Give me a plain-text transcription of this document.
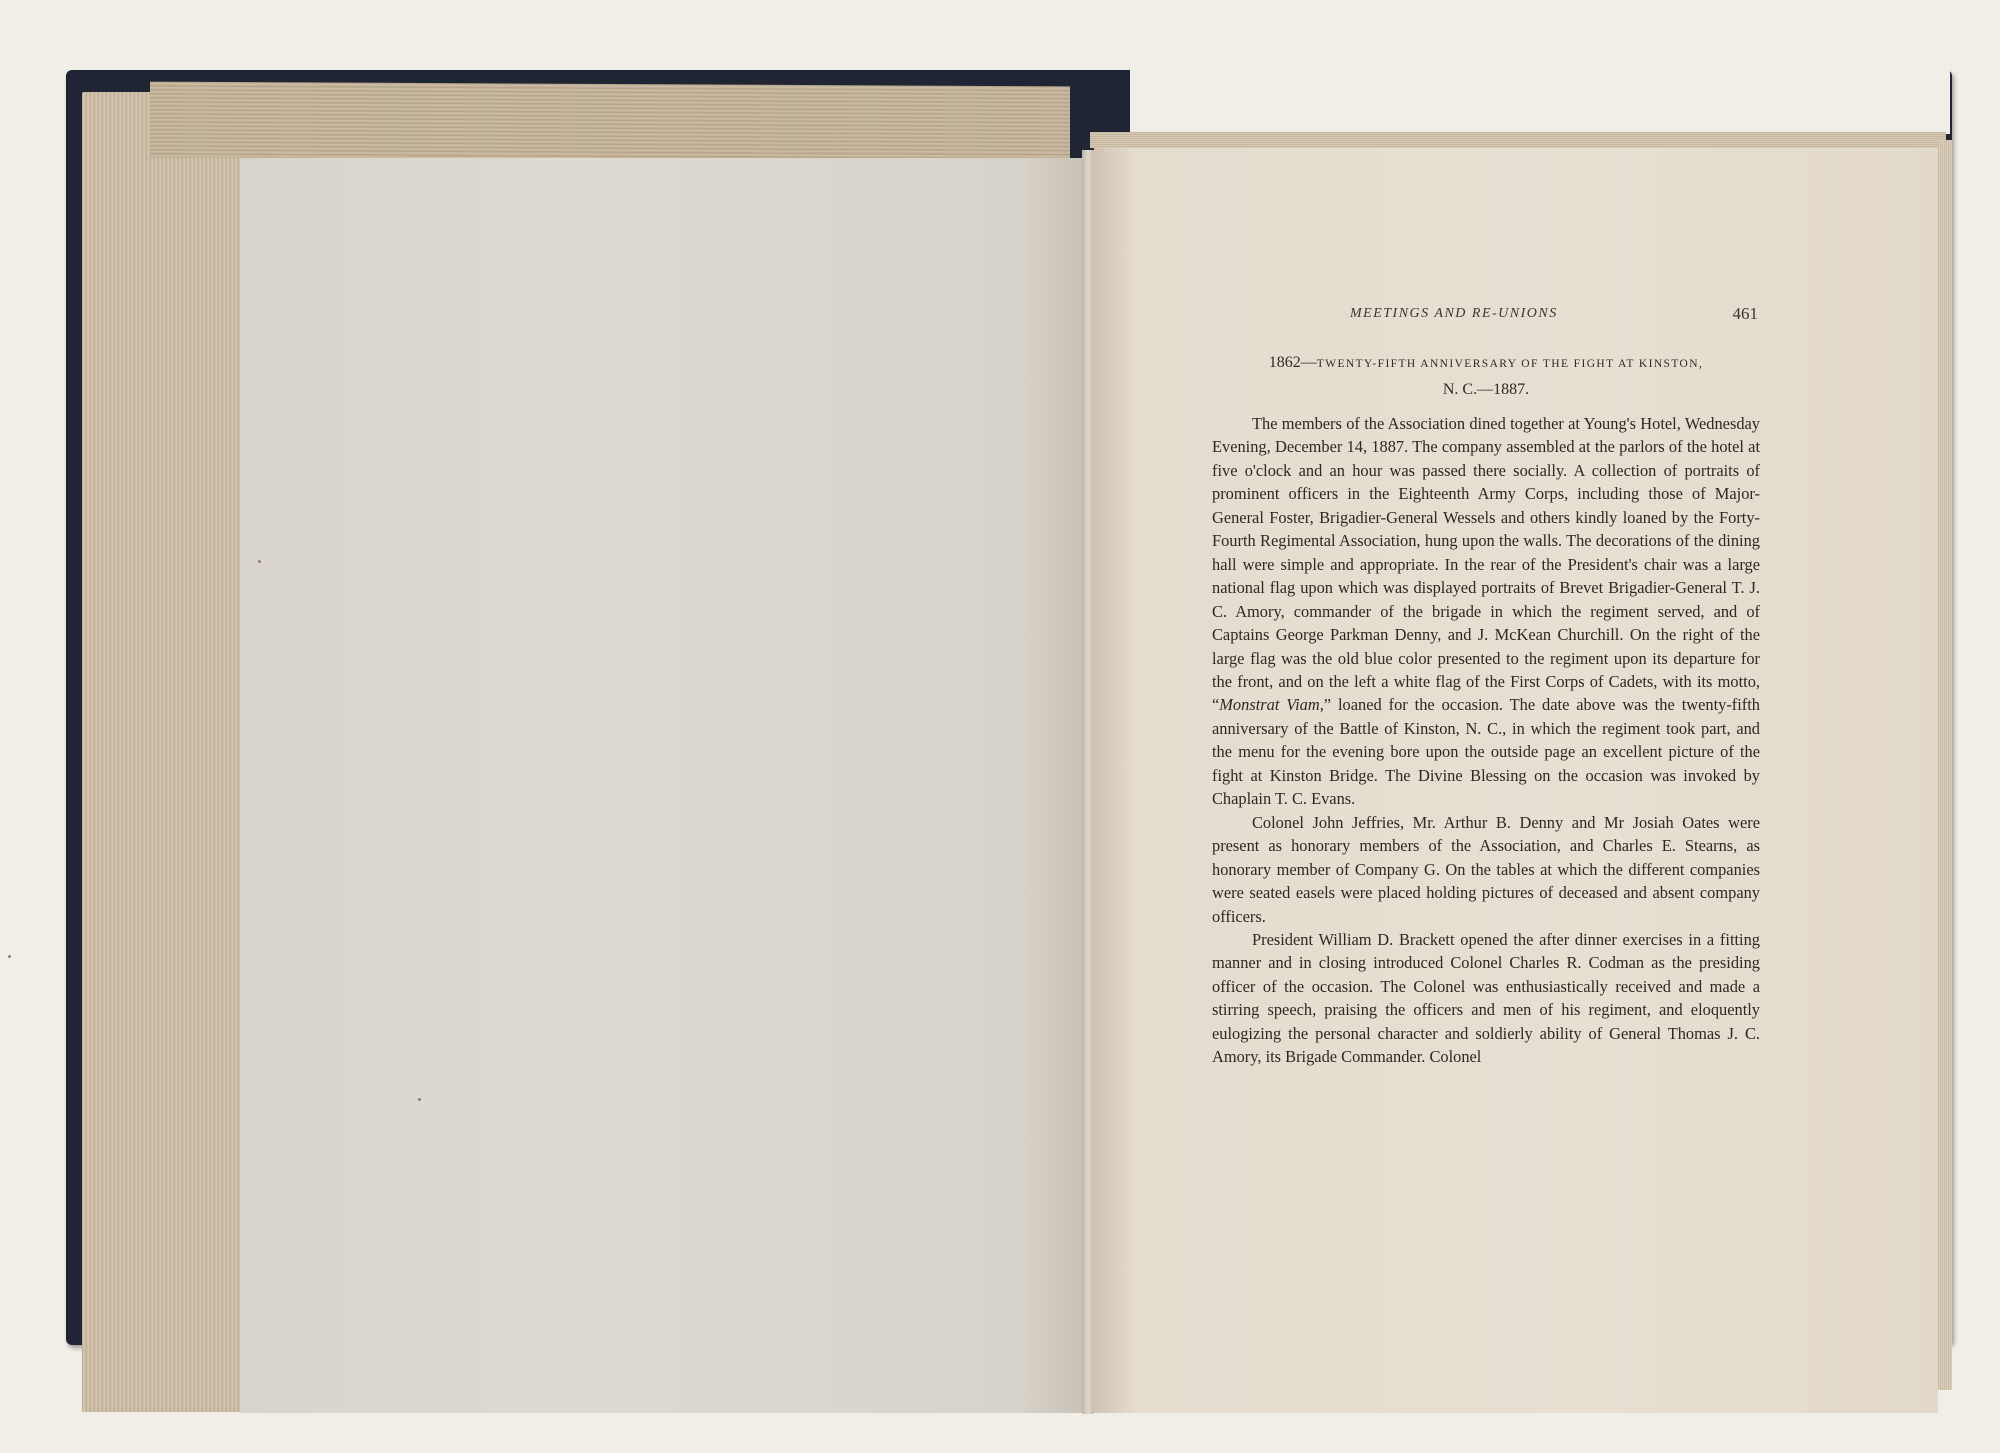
MEETINGS AND RE-UNIONS	461
1862—TWENTY-FIFTH ANNIVERSARY OF THE FIGHT AT KINSTON,
N. C.—1887.

The members of the Association dined together at Young's Hotel, Wednesday Evening, December 14, 1887. The company assembled at the parlors of the hotel at five o'clock and an hour was passed there socially. A collection of portraits of prominent officers in the Eighteenth Army Corps, including those of Major-General Foster, Brigadier-General Wessels and others kindly loaned by the Forty-Fourth Regimental Association, hung upon the walls. The decorations of the dining hall were simple and appropriate. In the rear of the President's chair was a large national flag upon which was displayed portraits of Brevet Brigadier-General T. J. C. Amory, commander of the brigade in which the regiment served, and of Captains George Parkman Denny, and J. McKean Churchill. On the right of the large flag was the old blue color presented to the regiment upon its departure for the front, and on the left a white flag of the First Corps of Cadets, with its motto, “Monstrat Viam,” loaned for the occasion. The date above was the twenty-fifth anniversary of the Battle of Kinston, N. C., in which the regiment took part, and the menu for the evening bore upon the outside page an excellent picture of the fight at Kinston Bridge. The Divine Blessing on the occasion was invoked by Chaplain T. C. Evans.

Colonel John Jeffries, Mr. Arthur B. Denny and Mr Josiah Oates were present as honorary members of the Association, and Charles E. Stearns, as honorary member of Company G. On the tables at which the different companies were seated easels were placed holding pictures of deceased and absent company officers.

President William D. Brackett opened the after dinner exercises in a fitting manner and in closing introduced Colonel Charles R. Codman as the presiding officer of the occasion. The Colonel was enthusiastically received and made a stirring speech, praising the officers and men of his regiment, and eloquently eulogizing the personal character and soldierly ability of General Thomas J. C. Amory, its Brigade Commander. Colonel
